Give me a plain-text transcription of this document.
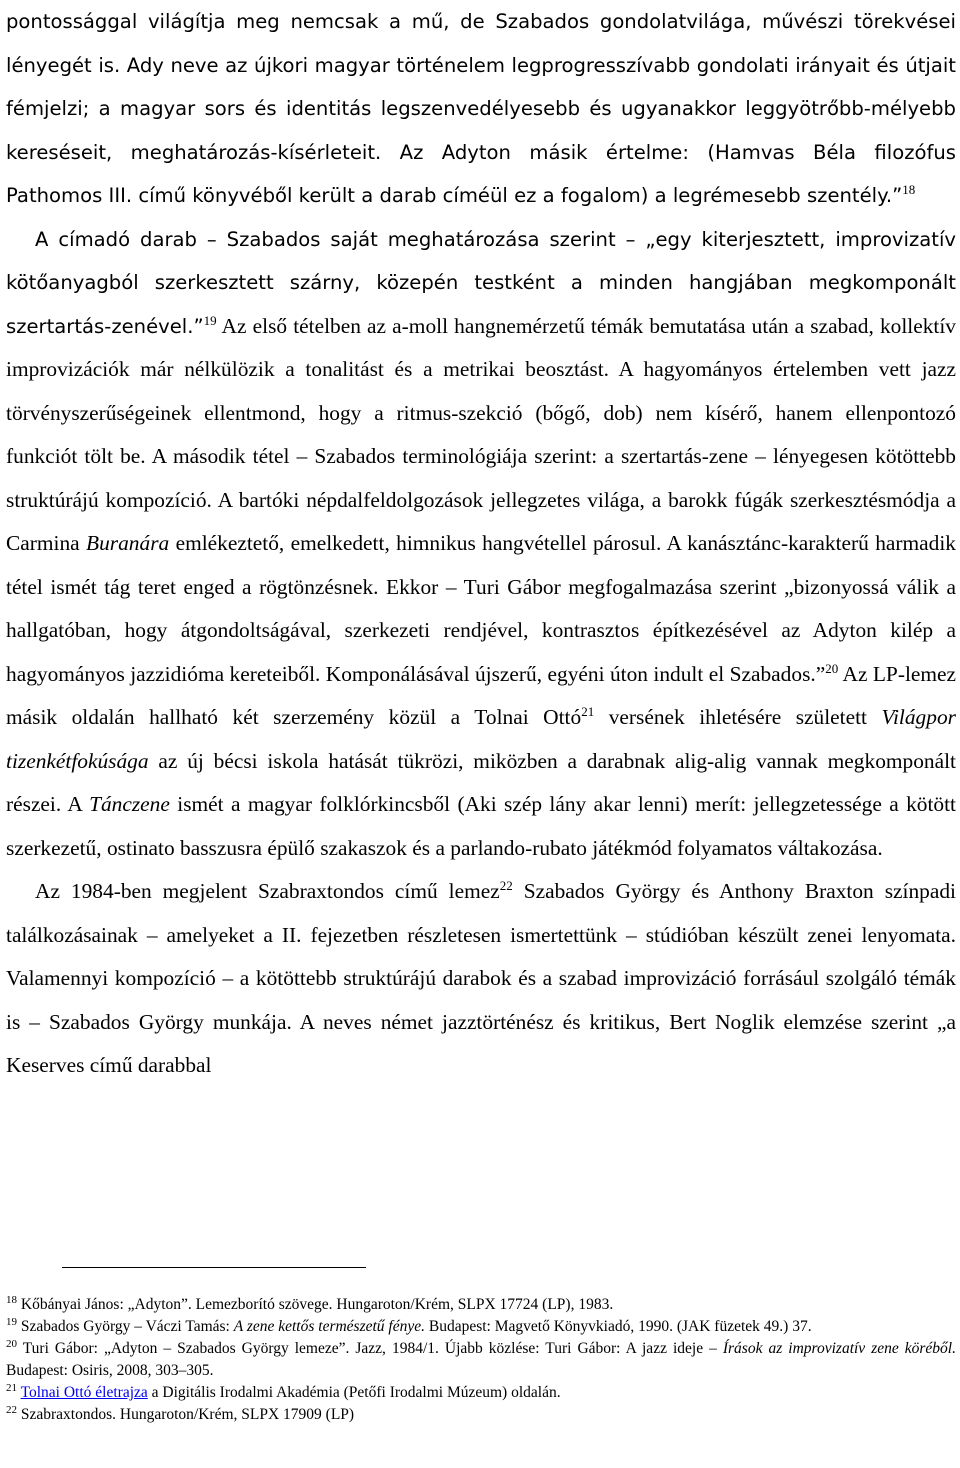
pontossággal világítja meg nemcsak a mű, de Szabados gondolatvilága, művészi törekvései lényegét is. Ady neve az újkori magyar történelem legprogresszívabb gondolati irányait és útjait fémjelzi; a magyar sors és identitás legszenvedélyesebb és ugyanakkor leggyötrőbb-mélyebb kereséseit, meghatározás-kísérleteit. Az Adyton másik értelme: (Hamvas Béla filozófus Pathomos III. című könyvéből került a darab címéül ez a fogalom) a legrémesebb szentély.”$^{18}$

A címadó darab – Szabados saját meghatározása szerint – „egy kiterjesztett, improvizatív kötőanyagból szerkesztett szárny, közepén testként a minden hangjában megkomponált szertartás-zenével.”$^{19}$ Az első tételben az a-moll hangnemérzetű témák bemutatása után a szabad, kollektív improvizációk már nélkülözik a tonalitást és a metrikai beosztást. A hagyományos értelemben vett jazz törvényszerűségeinek ellentmond, hogy a ritmus-szekció (bőgő, dob) nem kísérő, hanem ellenpontozó funkciót tölt be. A második tétel – Szabados terminológiája szerint: a szertartás-zene – lényegesen kötöttebb struktúrájú kompozíció. A bartóki népdalfeldolgozások jellegzetes világa, a barokk fúgák szerkesztésmódja a Carmina Buranára emlékeztető, emelkedett, himnikus hangvétellel párosul. A kanásztánc-karakterű harmadik tétel ismét tág teret enged a rögtönzésnek. Ekkor – Turi Gábor megfogalmazása szerint „bizonyossá válik a hallgatóban, hogy átgondoltságával, szerkezeti rendjével, kontrasztos építkezésével az Adyton kilép a hagyományos jazzidióma kereteiből. Komponálásával újszerű, egyéni úton indult el Szabados.”$^{20}$ Az LP-lemez másik oldalán hallható két szerzemény közül a Tolnai Ottó$^{21}$ versének ihletésére született Világpor tizenkétfokúsága az új bécsi iskola hatását tükrözi, miközben a darabnak alig-alig vannak megkomponált részei. A Tánczene ismét a magyar folklórkincsből (Aki szép lány akar lenni) merít: jellegzetessége a kötött szerkezetű, ostinato basszusra épülő szakaszok és a parlando-rubato játékmód folyamatos váltakozása.

Az 1984-ben megjelent Szabraxtondos című lemez$^{22}$ Szabados György és Anthony Braxton színpadi találkozásainak – amelyeket a II. fejezetben részletesen ismertettünk – stúdióban készült zenei lenyomata. Valamennyi kompozíció – a kötöttebb struktúrájú darabok és a szabad improvizáció forrásául szolgáló témák is – Szabados György munkája. A neves német jazztörténész és kritikus, Bert Noglik elemzése szerint „a Keserves című darabbal

$^{18}$ Kőbányai János: „Adyton”. Lemezborító szövege. Hungaroton/Krém, SLPX 17724 (LP), 1983.

$^{19}$ Szabados György – Váczi Tamás: A zene kettős természetű fénye. Budapest: Magvető Könyvkiadó, 1990. (JAK füzetek 49.) 37.

$^{20}$ Turi Gábor: „Adyton – Szabados György lemeze”. Jazz, 1984/1. Újabb közlése: Turi Gábor: A jazz ideje – Írások az improvizatív zene köréből. Budapest: Osiris, 2008, 303–305.

$^{21}$ Tolnai Ottó életrajza a Digitális Irodalmi Akadémia (Petőfi Irodalmi Múzeum) oldalán.

$^{22}$ Szabraxtondos. Hungaroton/Krém, SLPX 17909 (LP)
